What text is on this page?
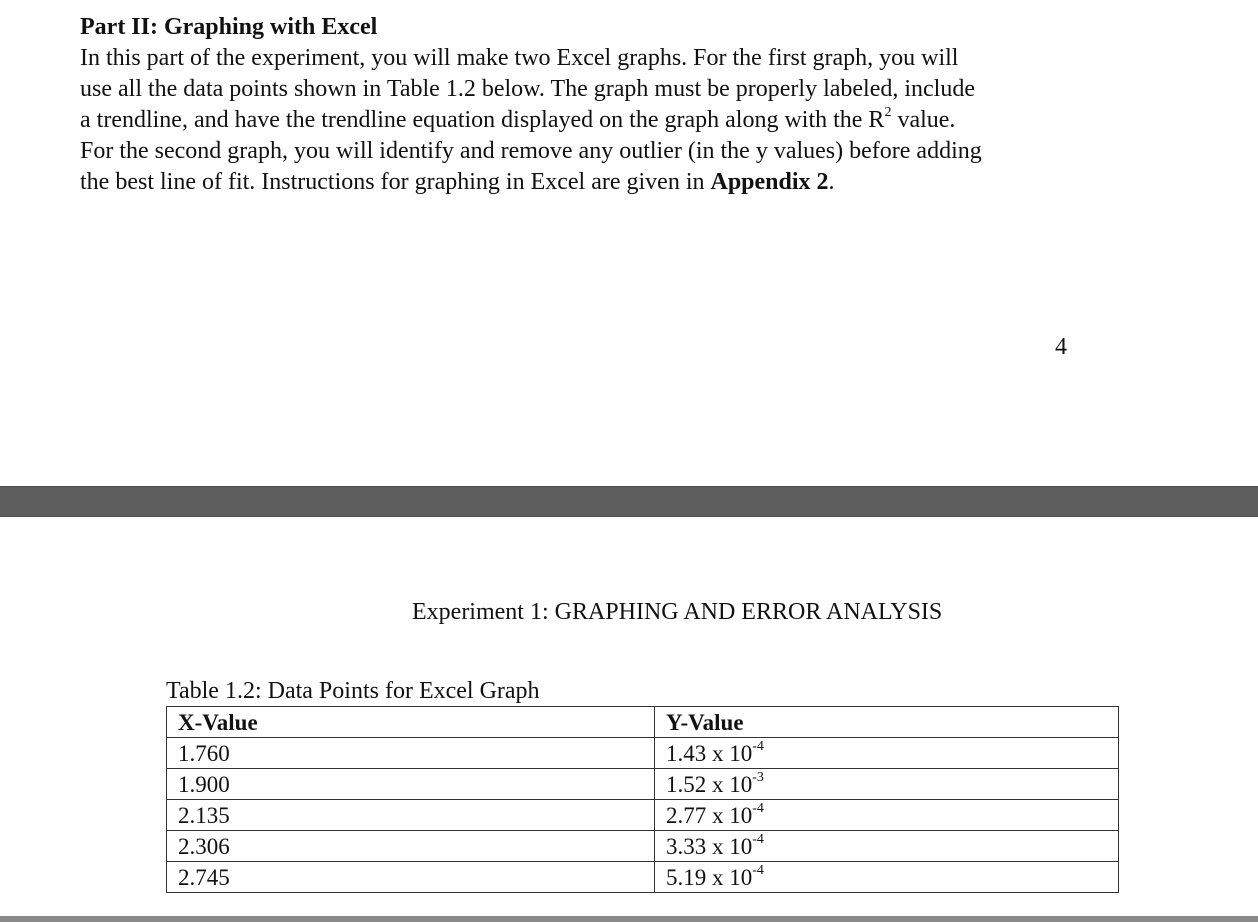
Part II: Graphing with Excel
In this part of the experiment, you will make two Excel graphs. For the first graph, you will
use all the data points shown in Table 1.2 below. The graph must be properly labeled, include
a trendline, and have the trendline equation displayed on the graph along with the $R^2$ value.
For the second graph, you will identify and remove any outlier (in the y values) before adding
the best line of fit. Instructions for graphing in Excel are given in Appendix 2.
4
Experiment 1: GRAPHING AND ERROR ANALYSIS
Table 1.2: Data Points for Excel Graph
X-Value	Y-Value
1.760	1.43 x $10^{-4}$
1.900	1.52 x $10^{-3}$
2.135	2.77 x $10^{-4}$
2.306	3.33 x $10^{-4}$
2.745	5.19 x $10^{-4}$
